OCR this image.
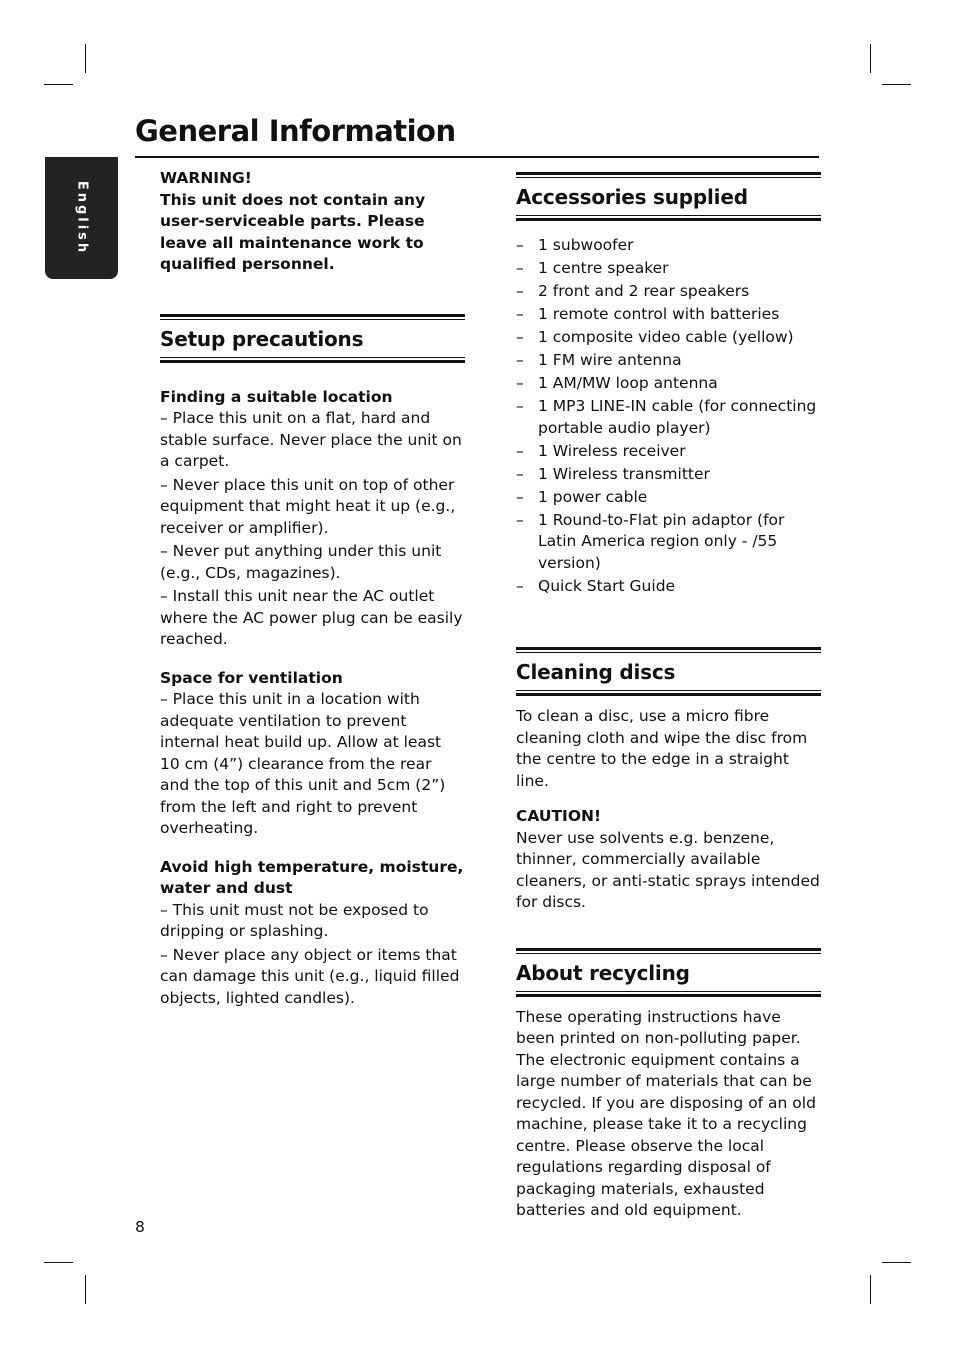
General Information
English

WARNING!

This unit does not contain any user-serviceable parts. Please leave all maintenance work to qualified personnel.

Setup precautions

Finding a suitable location

– Place this unit on a flat, hard and stable surface. Never place the unit on a carpet.

– Never place this unit on top of other equipment that might heat it up (e.g., receiver or amplifier).

– Never put anything under this unit (e.g., CDs, magazines).

– Install this unit near the AC outlet where the AC power plug can be easily reached.

Space for ventilation

– Place this unit in a location with adequate ventilation to prevent internal heat build up. Allow at least 10 cm (4”) clearance from the rear and the top of this unit and 5cm (2”) from the left and right to prevent overheating.

Avoid high temperature, moisture, water and dust

– This unit must not be exposed to dripping or splashing.

– Never place any object or items that can damage this unit (e.g., liquid filled objects, lighted candles).

Accessories supplied
– 1 subwoofer
– 1 centre speaker
– 2 front and 2 rear speakers
– 1 remote control with batteries
– 1 composite video cable (yellow)
– 1 FM wire antenna
– 1 AM/MW loop antenna
– 1 MP3 LINE-IN cable (for connecting portable audio player)
– 1 Wireless receiver
– 1 Wireless transmitter
– 1 power cable
– 1 Round-to-Flat pin adaptor (for Latin America region only - /55 version)
– Quick Start Guide
Cleaning discs

To clean a disc, use a micro fibre cleaning cloth and wipe the disc from the centre to the edge in a straight line.

CAUTION!

Never use solvents e.g. benzene, thinner, commercially available cleaners, or anti-static sprays intended for discs.

About recycling

These operating instructions have been printed on non-polluting paper. The electronic equipment contains a large number of materials that can be recycled. If you are disposing of an old machine, please take it to a recycling centre. Please observe the local regulations regarding disposal of packaging materials, exhausted batteries and old equipment.

8
